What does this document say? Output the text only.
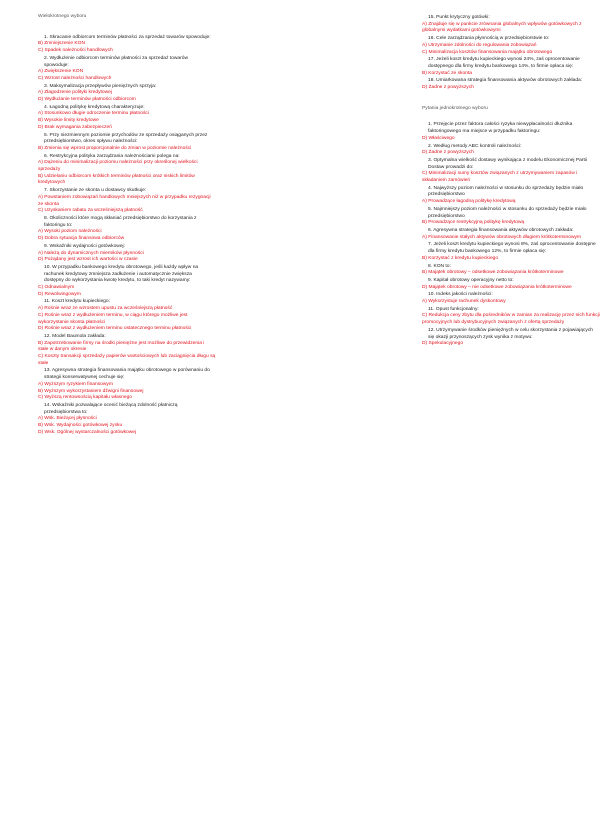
Wielokrotnego wyboru
1. Skracanie odbiorcom terminów płatności za sprzedaż towarów spowoduje:
B) Zmniejszenie KON
C) Spadek należności handlowych
2. Wydłużenie odbiorcom terminów płatności za sprzedaż towarów spowoduje:
A) Zwiększenie KON
C) Wzrost należności handlowych
3. Maksymalizacja przepływów pieniężnych sprzyja:
A) Złagodzenie polityki kredytowej
D) Wydłużanie terminów płatności odbiorcom
4. Łagodną politykę kredytową charakteryzuje:
A) Stosunkowo długie odroczenie terminu płatności
B) Wysokie limity kredytowe
D) Brak wymagania zabezpieczeń
5. Przy niezmiennym poziomie przychodów ze sprzedaży osiąganych przez przedsiębiorstwo, okres spływu należności:
B) Zmienia się wprost proporcjonalnie do zmian w poziomie należności
6. Restrykcyjna polityka zarządzania należnościami polega na:
A) Dążeniu do minimalizacji poziomu należności przy określonej wielkości sprzedaży
B) Udzielaniu odbiorcom krótkich terminów płatności oraz niskich limitów kredytowych
7. Skorzystanie ze skonta u dostawcy skutkuje:
A) Powstaniem zobowiązań handlowych mniejszych niż w przypadku rezygnacji ze skonta
C) Uzyskaniem rabatu za wcześniejszą płatność
8. Okoliczności które mogą skłaniać przedsiębiorstwo do korzystania z faktoringu to:
A) Wysoki poziom należności
D) Dobra sytuacja finansowa odbiorców
9. Wskaźniki wydajności gotówkowej:
A) Należą do dynamicznych mierników płynności
D) Pożądany jest wzrost ich wartości w czasie
10. W przypadku bankowego kredytu obrotowego, jeśli każdy wpływ na rachunek kredytowy zmniejsza zadłużenie i automatycznie zwiększa dostępny do wykorzystania kwotę kredytu, to taki kredyt nazywamy:
C) Odnawialnym
D) Rewolwingowym
11. Koszt kredytu kupieckiego:
A) Rośnie wraz ze wzrostem upustu za wcześniejszą płatność
C) Rośnie wraz z wydłużeniem terminu, w ciągu którego możliwe jest wykorzystanie skonta płatności
D) Rośnie wraz z wydłużeniem terminu ostatecznego terminu płatności
12. Model Baumola zakłada:
B) Zapotrzebowanie firmy na środki pieniężne jest możliwe do przewidzenia i stałe w danym okresie
C) Koszty transakcji sprzedaży papierów wartościowych lub zaciągnięcia długu są stałe
13. Agresywna strategia finansowania majątku obrotowego w porównaniu do strategii konserwatywnej cechuje się:
A) Wyższym ryzykiem finansowym
B) Wyższym wykorzystaniem dźwigni finansowej
C) Wyższą rentownością kapitału własnego
14. Wskaźniki pozwalające ocenić bieżącą zdolność płatniczą przedsiębiorstwa to:
A) Wsk. Bieżącej płynności
B) Wsk. Wydajności gotówkowej zysku
D) Wsk. Ogólnej wystarczalności gotówkowej
15. Punkt krytyczny gotówki:
A) Znajduje się w punkcie zrównania globalnych wpływów gotówkowych z globalnymi wydatkami gotówkowymi
16. Cele zarządzania płynnością w przedsiębiorstwie to:
A) Utrzymanie zdolności do regulowania zobowiązań
C) Minimalizacja kosztów finansowania majątku obrotowego
17. Jeżeli koszt kredytu kupieckiego wynosi 24%, zaś oprocentowanie dostępnego dla firmy kredytu bankowego 14%, to firmie opłaca się:
B) Korzystać ze skonta
18. Umiarkowana strategia finansowania aktywów obrotowych zakłada:
D) Żadne z powyższych
Pytania jednokrotnego wyboru
1. Przejęcie przez faktora całości ryzyka niewypłacalności dłużnika faktoringowego ma miejsce w przypadku faktoringu:
D) Właściwego
2. Według metody ABC kontroli należności:
D) Żadne z powyższych
3. Optymalna wielkość dostawy wynikająca z modelu Ekonomicznej Partii Dostaw prowadzi do:
C) Minimalizacji sumy kosztów związanych z utrzymywaniem zapasów i składaniem zamówień
4. Najwyższy poziom należności w stosunku do sprzedaży będzie miało przedsiębiorstwo
A) Prowadzące łagodną politykę kredytową
5. Najmniejszy poziom należności w stosunku do sprzedaży będzie miało przedsiębiorstwo
B) Prowadzące restrykcyjną politykę kredytową
6. Agresywna strategia finansowania aktywów obrotowych zakłada:
A) Finansowanie stałych aktywów obrotowych długiem krótkoterminowym
7. Jeżeli koszt kredytu kupieckiego wynosi 8%, zaś oprocentowanie dostępne dla firmy kredytu bankowego 12%, to firmie opłaca się:
B) Korzystać z kredytu kupieckiego
8. KON to:
B) Majątek obrotowy – odsetkowe zobowiązania krótkoterminowe
9. Kapitał obrotowy operacyjny netto to:
D) Majątek obrotowy – nie odsetkowe zobowiązania krótkoterminowe
10. Indeks jakości należności:
A) Wykorzystuje rachunek dyskontowy
11. Opust funkcjonalny:
C) Redukcja ceny zbytu dla pośredników w zamian za realizację przez nich funkcji promocyjnych lub dystrybucyjnych związanych z ofertą sprzedaży
12. Utrzymywanie środków pieniężnych w celu skorzystania z pojawiających się okazji przynoszących zysk wynika z motywu:
D) Spekulacyjnego
